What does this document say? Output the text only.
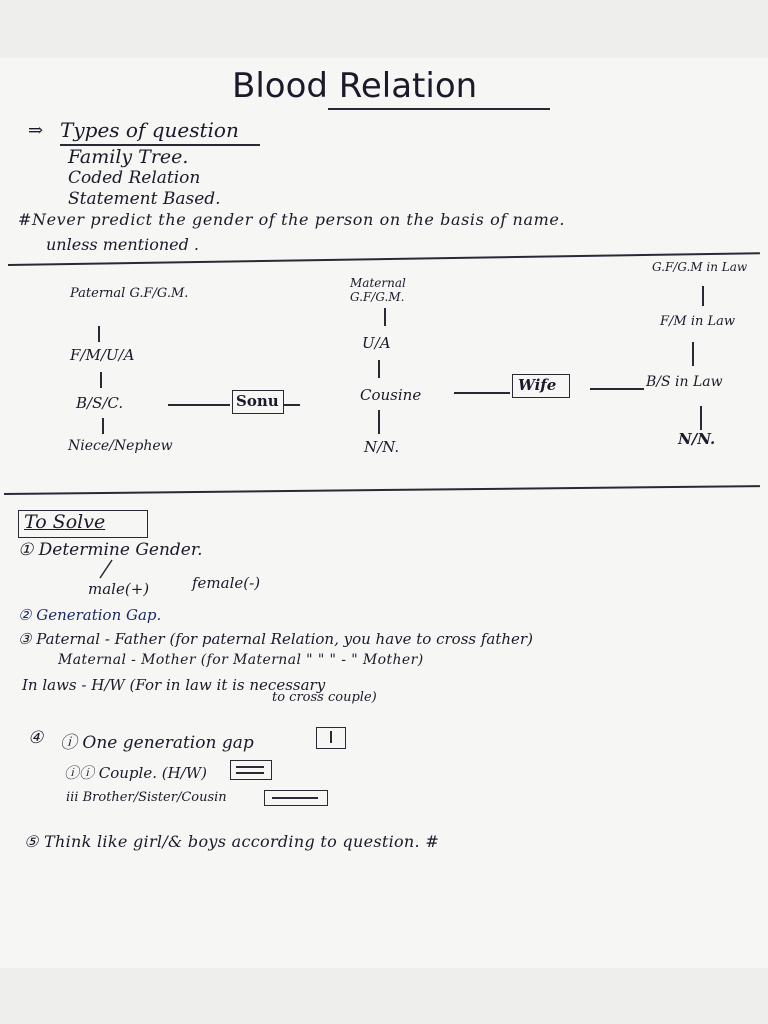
Blood Relation
⇒ Types of question
Family Tree.
Coded Relation
Statement Based.
#Never predict the gender of the person on the basis of name.
unless mentioned .
Paternal G.F/G.M.
F/M/U/A
B/S/C.
Niece/Nephew
Sonu
Maternal G.F/G.M.
U/A
Cousine
N/N.
Wife
G.F/G.M in Law
F/M in Law
B/S in Law
N/N.
To Solve
① Determine Gender.
male(+)	female(-)
② Generation Gap.
③ Paternal - Father (for paternal Relation, you have to cross father)
Maternal - Mother (for Maternal " " " - " Mother)
In laws - H/W (For in law it is necessary
to cross couple)
④ ⓘ One generation gap
ⓘⓘ Couple. (H/W)
ⅲ Brother/Sister/Cousin
⑤ Think like girl/& boys according to question. #
